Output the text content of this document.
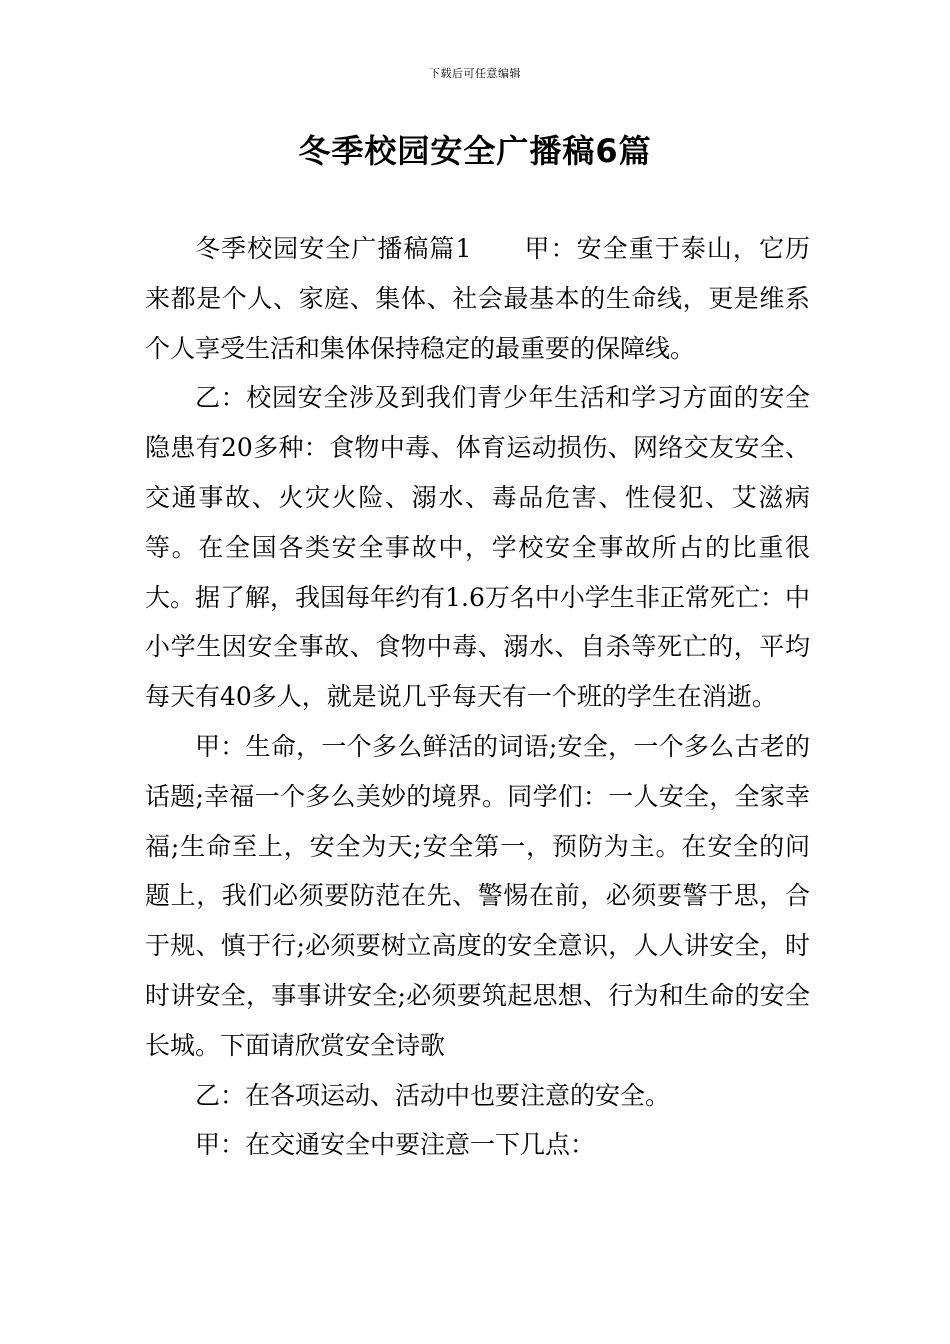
下载后可任意编辑
冬季校园安全广播稿6篇

冬季校园安全广播稿篇1　　甲：安全重于泰山，它历来都是个人、家庭、集体、社会最基本的生命线，更是维系个人享受生活和集体保持稳定的最重要的保障线。

乙：校园安全涉及到我们青少年生活和学习方面的安全隐患有20多种：食物中毒、体育运动损伤、网络交友安全、交通事故、火灾火险、溺水、毒品危害、性侵犯、艾滋病等。在全国各类安全事故中，学校安全事故所占的比重很大。据了解，我国每年约有1.6万名中小学生非正常死亡：中小学生因安全事故、食物中毒、溺水、自杀等死亡的，平均每天有40多人，就是说几乎每天有一个班的学生在消逝。

甲：生命，一个多么鲜活的词语;安全，一个多么古老的话题;幸福一个多么美妙的境界。同学们：一人安全，全家幸福;生命至上，安全为天;安全第一，预防为主。在安全的问题上，我们必须要防范在先、警惕在前，必须要警于思，合于规、慎于行;必须要树立高度的安全意识，人人讲安全，时时讲安全，事事讲安全;必须要筑起思想、行为和生命的安全长城。下面请欣赏安全诗歌

乙：在各项运动、活动中也要注意的安全。

甲：在交通安全中要注意一下几点：
